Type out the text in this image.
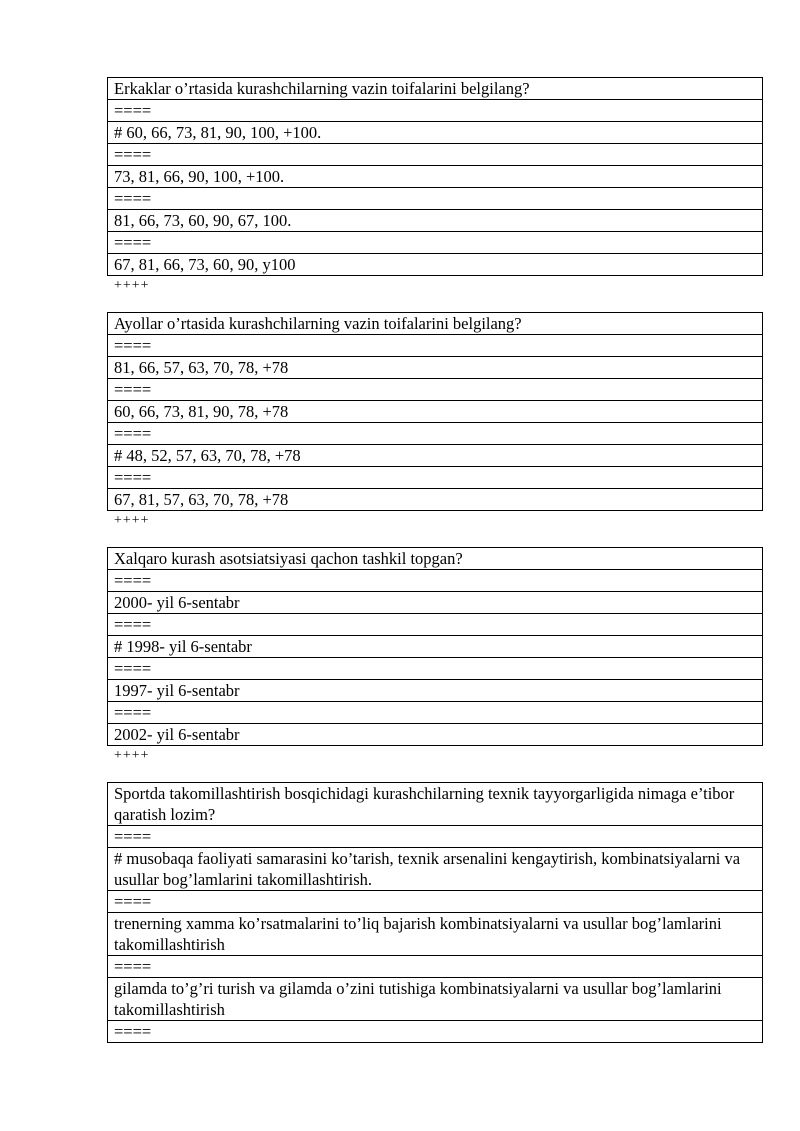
Erkaklar o’rtasida kurashchilarning vazin toifalarini belgilang?
====
# 60, 66, 73, 81, 90, 100, +100.
====
73, 81, 66, 90, 100, +100.
====
81, 66, 73, 60, 90, 67, 100.
====
67, 81, 66, 73, 60, 90, у100
++++
Ayollar o’rtasida kurashchilarning vazin toifalarini belgilang?
====
81, 66, 57, 63, 70, 78, +78
====
60, 66, 73, 81, 90, 78, +78
====
# 48, 52, 57, 63, 70, 78, +78
====
67, 81, 57, 63, 70, 78, +78
++++
Xalqaro kurash asotsiatsiyasi qachon tashkil topgan?
====
2000- yil 6-sentabr
====
# 1998- yil 6-sentabr
====
1997- yil 6-sentabr
====
2002- yil 6-sentabr
++++
Sportda takomillashtirish bosqichidagi kurashchilarning texnik tayyorgarligida nimaga e’tibor qaratish lozim?
====
# musobaqa faoliyati samarasini ko’tarish, texnik arsenalini kengaytirish, kombinatsiyalarni va usullar bog’lamlarini takomillashtirish.
====
trenerning xamma ko’rsatmalarini to’liq bajarish kombinatsiyalarni va usullar bog’lamlarini takomillashtirish
====
gilamda to’g’ri turish va gilamda o’zini tutishiga kombinatsiyalarni va usullar bog’lamlarini takomillashtirish
====
